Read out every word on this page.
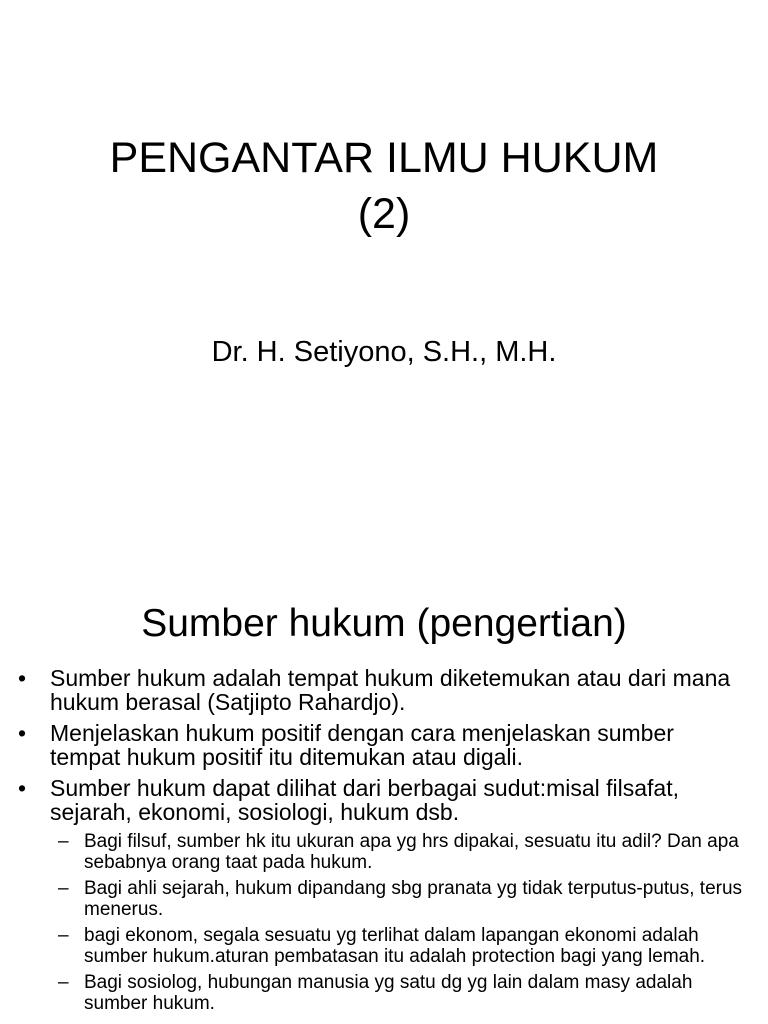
PENGANTAR ILMU HUKUM
(2)
Dr. H. Setiyono, S.H., M.H.
Sumber hukum (pengertian)
• Sumber hukum adalah tempat hukum diketemukan atau dari mana hukum berasal (Satjipto Rahardjo).
• Menjelaskan hukum positif dengan cara menjelaskan sumber tempat hukum positif itu ditemukan atau digali.
• Sumber hukum dapat dilihat dari berbagai sudut:misal filsafat, sejarah, ekonomi, sosiologi, hukum dsb.
– Bagi filsuf, sumber hk itu ukuran apa yg hrs dipakai, sesuatu itu adil? Dan apa sebabnya orang taat pada hukum.
– Bagi ahli sejarah, hukum dipandang sbg pranata yg tidak terputus-putus, terus menerus.
– bagi ekonom, segala sesuatu yg terlihat dalam lapangan ekonomi adalah sumber hukum.aturan pembatasan itu adalah protection bagi yang lemah.
– Bagi sosiolog, hubungan manusia yg satu dg yg lain dalam masy adalah sumber hukum.
